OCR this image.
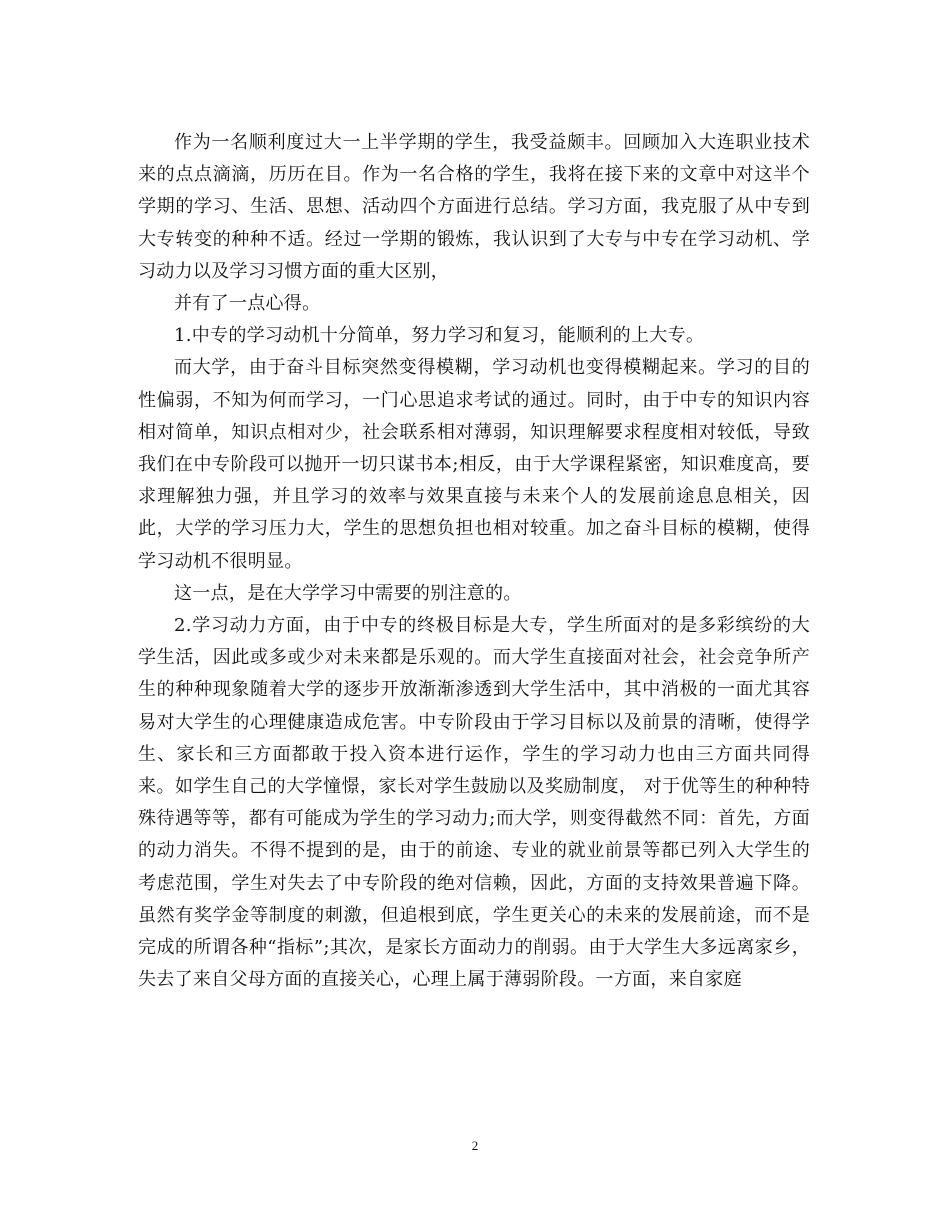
作为一名顺利度过大一上半学期的学生，我受益颇丰。回顾加入大连职业技术来的点点滴滴，历历在目。作为一名合格的学生，我将在接下来的文章中对这半个学期的学习、生活、思想、活动四个方面进行总结。学习方面，我克服了从中专到大专转变的种种不适。经过一学期的锻炼，我认识到了大专与中专在学习动机、学习动力以及学习习惯方面的重大区别，

并有了一点心得。

1.中专的学习动机十分简单，努力学习和复习，能顺利的上大专。

而大学，由于奋斗目标突然变得模糊，学习动机也变得模糊起来。学习的目的性偏弱，不知为何而学习，一门心思追求考试的通过。同时，由于中专的知识内容相对简单，知识点相对少，社会联系相对薄弱，知识理解要求程度相对较低，导致我们在中专阶段可以抛开一切只谋书本;相反，由于大学课程紧密，知识难度高，要求理解独力强，并且学习的效率与效果直接与未来个人的发展前途息息相关，因此，大学的学习压力大，学生的思想负担也相对较重。加之奋斗目标的模糊，使得学习动机不很明显。

这一点，是在大学学习中需要的别注意的。

2.学习动力方面，由于中专的终极目标是大专，学生所面对的是多彩缤纷的大学生活，因此或多或少对未来都是乐观的。而大学生直接面对社会，社会竞争所产生的种种现象随着大学的逐步开放渐渐渗透到大学生活中，其中消极的一面尤其容易对大学生的心理健康造成危害。中专阶段由于学习目标以及前景的清晰，使得学生、家长和三方面都敢于投入资本进行运作，学生的学习动力也由三方面共同得来。如学生自己的大学憧憬，家长对学生鼓励以及奖励制度， 对于优等生的种种特殊待遇等等，都有可能成为学生的学习动力;而大学，则变得截然不同：首先，方面的动力消失。不得不提到的是，由于的前途、专业的就业前景等都已列入大学生的考虑范围，学生对失去了中专阶段的绝对信赖，因此，方面的支持效果普遍下降。虽然有奖学金等制度的刺激，但追根到底，学生更关心的未来的发展前途，而不是完成的所谓各种“指标”;其次，是家长方面动力的削弱。由于大学生大多远离家乡，失去了来自父母方面的直接关心，心理上属于薄弱阶段。一方面，来自家庭

2
